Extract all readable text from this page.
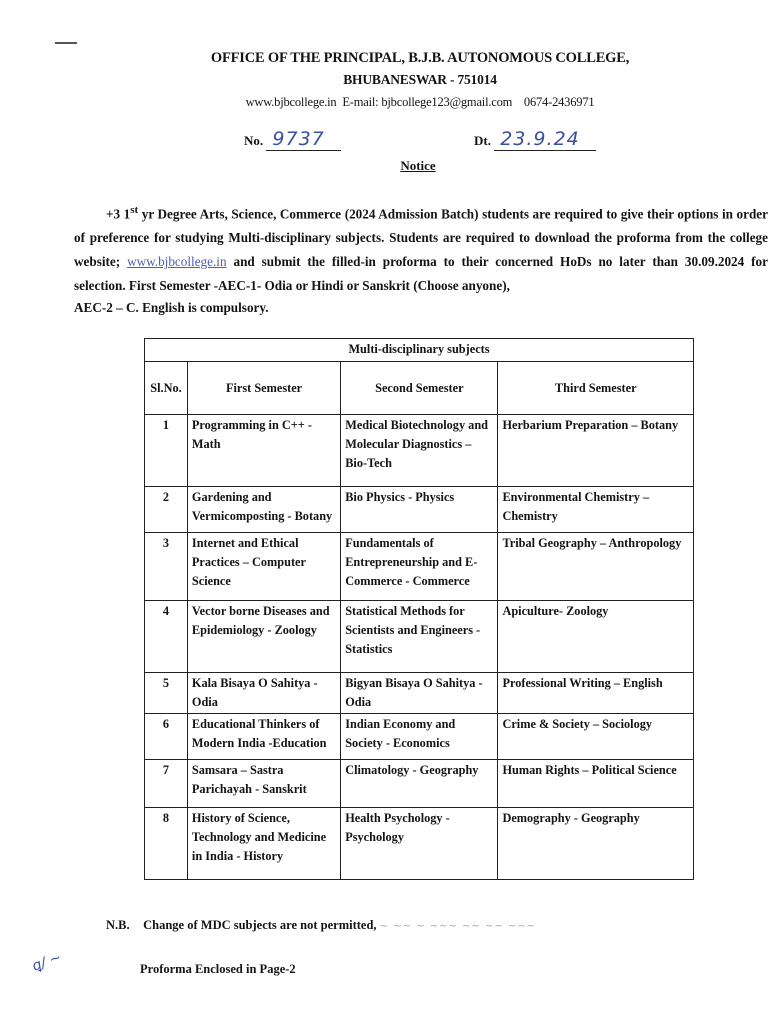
OFFICE OF THE PRINCIPAL, B.J.B. AUTONOMOUS COLLEGE,
BHUBANESWAR - 751014
www.bjbcollege.in E-mail: bjbcollege123@gmail.com 0674-2436971
No. 9737	Dt. 23.9.24
Notice
+3 1st yr Degree Arts, Science, Commerce (2024 Admission Batch) students are required to give their options in order of preference for studying Multi-disciplinary subjects. Students are required to download the proforma from the college website; www.bjbcollege.in and submit the filled-in proforma to their concerned HoDs no later than 30.09.2024 for selection. First Semester -AEC-1- Odia or Hindi or Sanskrit (Choose anyone),
AEC-2 – C. English is compulsory.
Multi-disciplinary subjects			
Sl.No.	First Semester	Second Semester	Third Semester
1	Programming in C++ - Math	Medical Biotechnology and Molecular Diagnostics – Bio-Tech	Herbarium Preparation – Botany
2	Gardening and Vermicomposting - Botany	Bio Physics - Physics	Environmental Chemistry – Chemistry
3	Internet and Ethical Practices – Computer Science	Fundamentals of Entrepreneurship and E-Commerce - Commerce	Tribal Geography – Anthropology
4	Vector borne Diseases and Epidemiology - Zoology	Statistical Methods for Scientists and Engineers - Statistics	Apiculture- Zoology
5	Kala Bisaya O Sahitya - Odia	Bigyan Bisaya O Sahitya - Odia	Professional Writing – English
6	Educational Thinkers of Modern India -Education	Indian Economy and Society - Economics	Crime & Society – Sociology
7	Samsara – Sastra Parichayah - Sanskrit	Climatology - Geography	Human Rights – Political Science
8	History of Science, Technology and Medicine in India - History	Health Psychology - Psychology	Demography - Geography
N.B. Change of MDC subjects are not permitted, ~ ~~ ~ ~~~ ~~ ~~ ~~~
ꝗ/ ~	Proforma Enclosed in Page-2
